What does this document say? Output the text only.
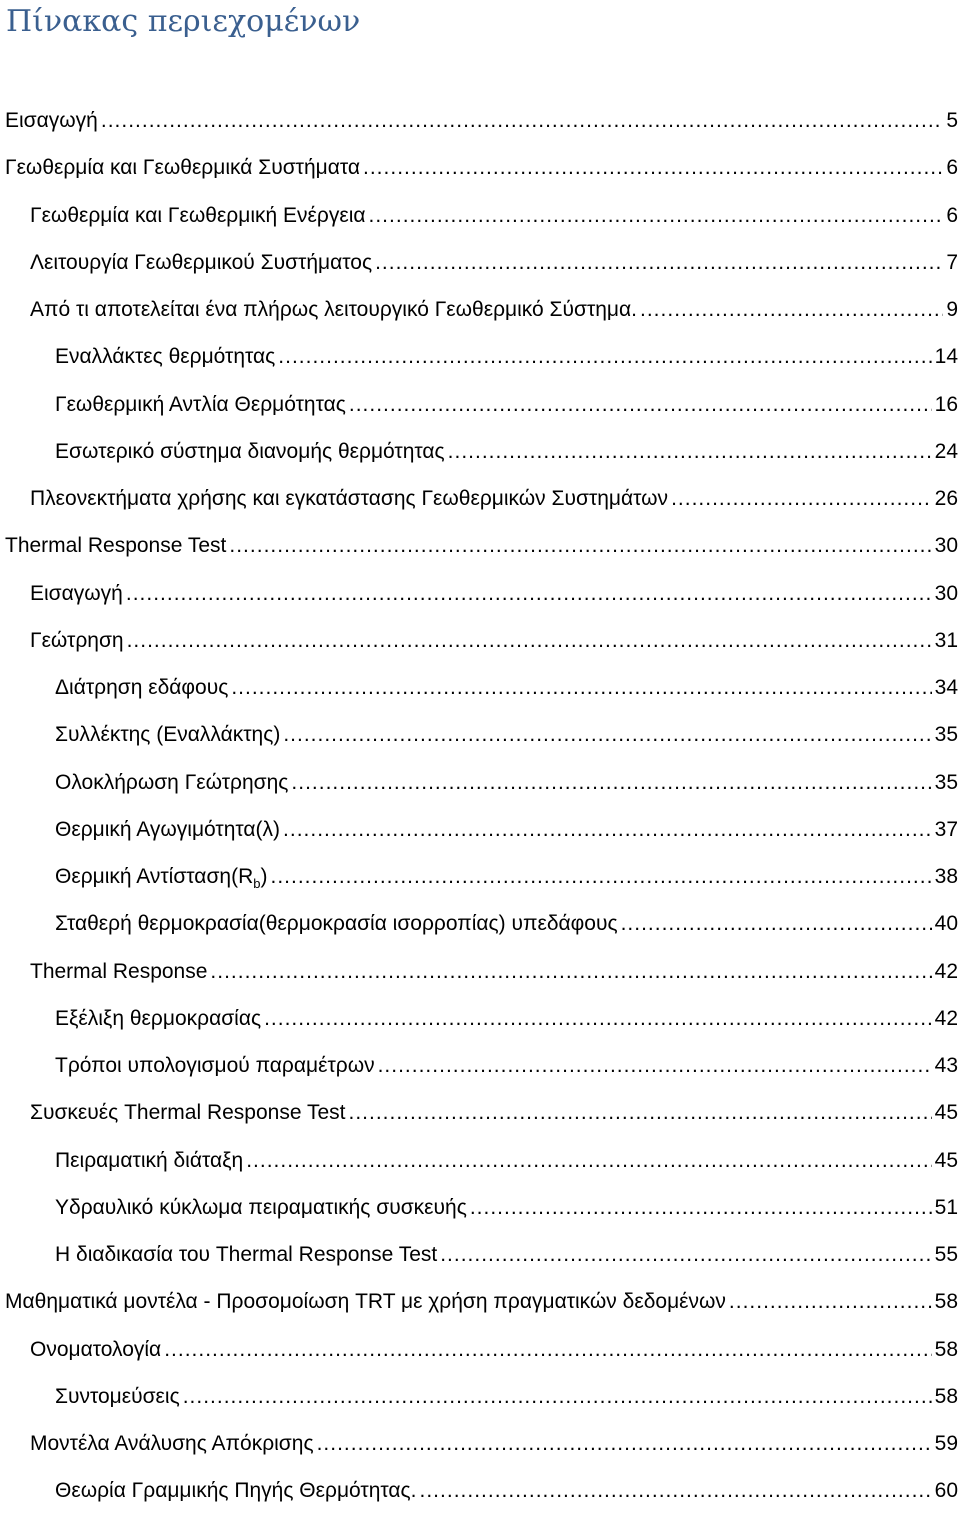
Πίνακας περιεχομένων
Εισαγωγή .....	5
Γεωθερμία και Γεωθερμικά Συστήματα .....	6
Γεωθερμία και Γεωθερμική Ενέργεια .....	6
Λειτουργία Γεωθερμικού Συστήματος .....	7
Από τι αποτελείται ένα πλήρως λειτουργικό Γεωθερμικό Σύστημα. .....	9
Εναλλάκτες θερμότητας .....	14
Γεωθερμική Αντλία Θερμότητας .....	16
Εσωτερικό σύστημα διανομής θερμότητας .....	24
Πλεονεκτήματα χρήσης και εγκατάστασης Γεωθερμικών Συστημάτων .....	26
Thermal Response Test .....	30
Εισαγωγή .....	30
Γεώτρηση .....	31
Διάτρηση εδάφους .....	34
Συλλέκτης (Εναλλάκτης) .....	35
Ολοκλήρωση Γεώτρησης .....	35
Θερμική Αγωγιμότητα(λ) .....	37
Θερμική $A\nu\tau ί\sigma\tau\alpha\sigma\eta(R_b)$ .....	38
Σταθερή θερμοκρασία(θερμοκρασία ισορροπίας) υπεδάφους .....	40
Thermal Response .....	42
Εξέλιξη θερμοκρασίας .....	42
Τρόποι υπολογισμού παραμέτρων .....	43
Συσκευές Thermal Response Test .....	45
Πειραματική διάταξη .....	45
Υδραυλικό κύκλωμα πειραματικής συσκευής .....	51
Η διαδικασία του Thermal Response Test .....	55
Μαθηματικά μοντέλα - Προσομοίωση TRT με χρήση πραγματικών δεδομένων .....	58
Ονοματολογία .....	58
Συντομεύσεις .....	58
Μοντέλα Ανάλυσης Απόκρισης .....	59
Θεωρία Γραμμικής Πηγής Θερμότητας. .....	60
